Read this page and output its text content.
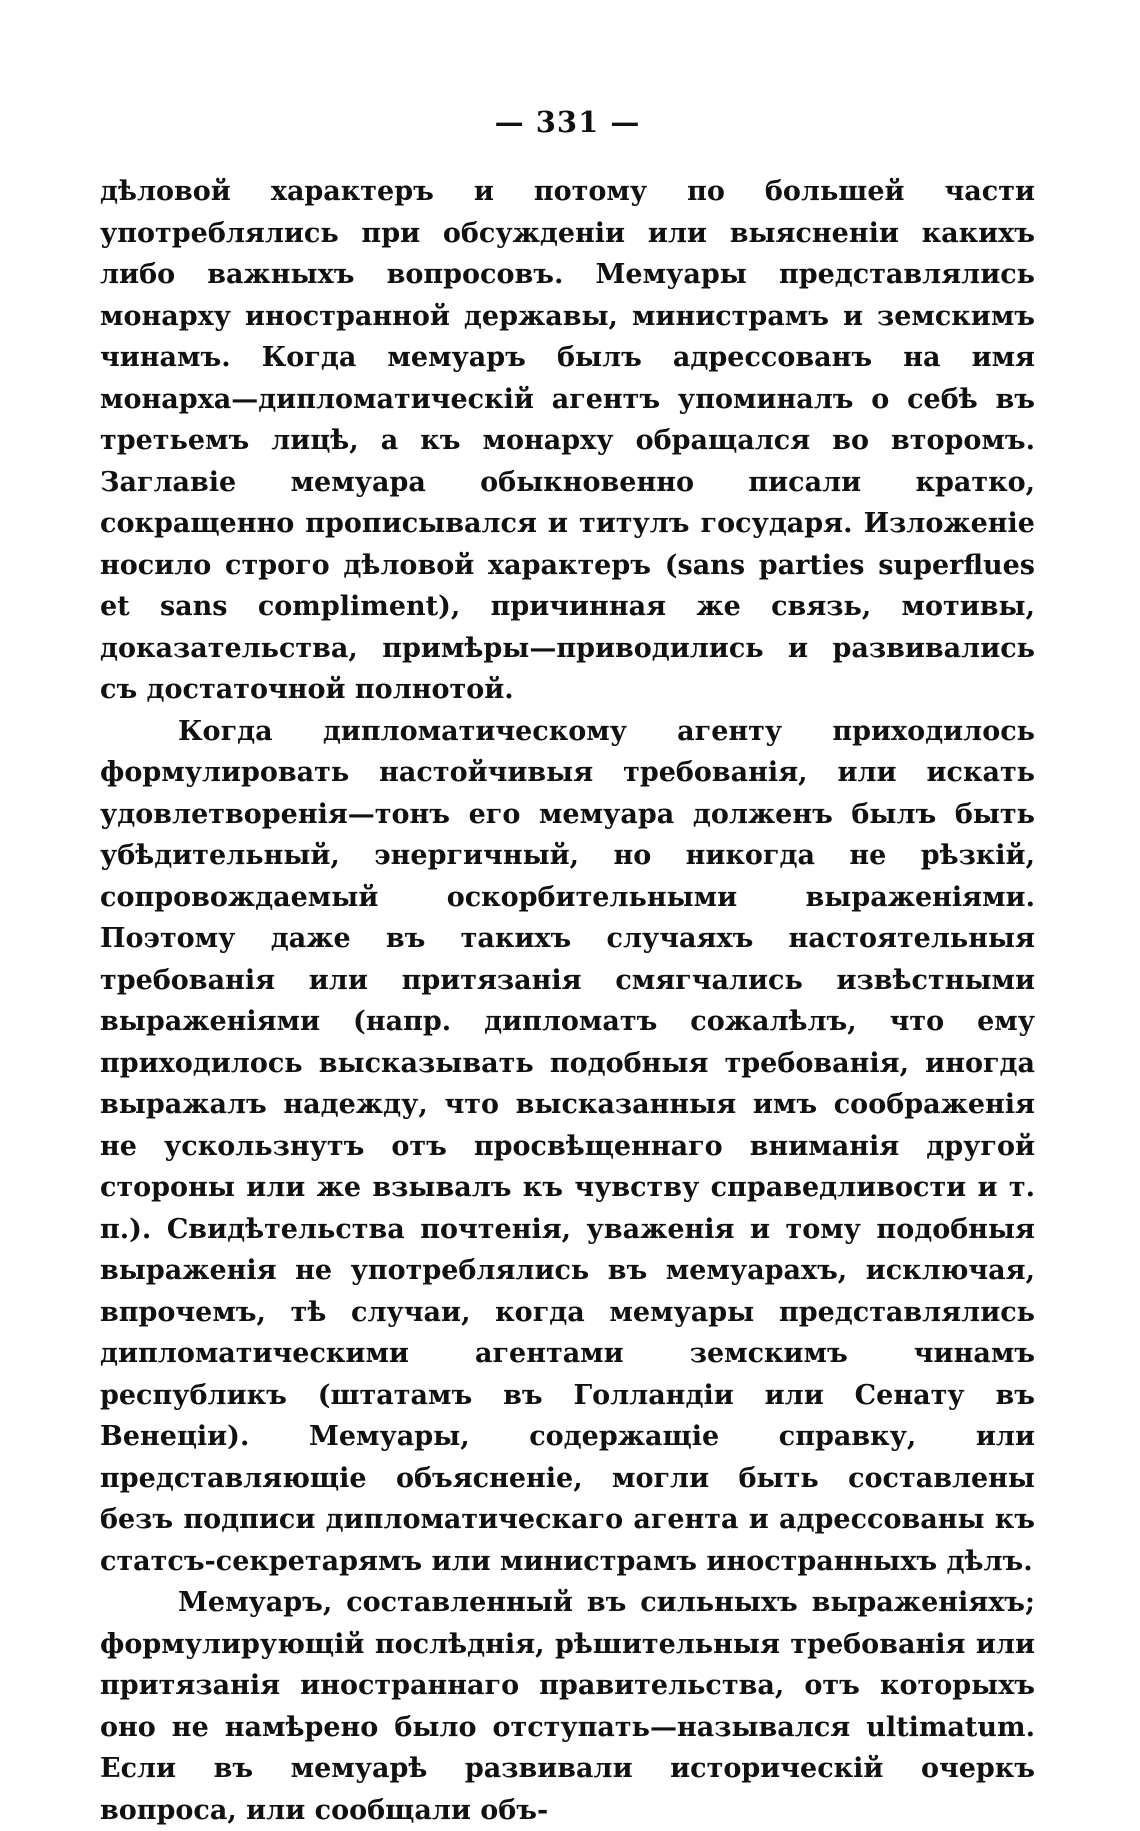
— 331 —

дѣловой характеръ и потому по большей части употреблялись при обсужденіи или выясненіи какихъ либо важныхъ вопросовъ. Мемуары представлялись монарху иностранной державы, министрамъ и земскимъ чинамъ. Когда мемуаръ былъ адрессованъ на имя монарха—дипломатическій агентъ упоминалъ о себѣ въ третьемъ лицѣ, а къ монарху обращался во второмъ. Заглавіе мемуара обыкновенно писали кратко, сокращенно прописывался и титулъ государя. Изложеніе носило строго дѣловой характеръ (sans parties superflues et sans compliment), причинная же связь, мотивы, доказательства, примѣры—приводились и развивались съ достаточной полнотой.

Когда дипломатическому агенту приходилось формулировать настойчивыя требованія, или искать удовлетворенія—тонъ его мемуара долженъ былъ быть убѣдительный, энергичный, но никогда не рѣзкій, сопровождаемый оскорбительными выраженіями. Поэтому даже въ такихъ случаяхъ настоятельныя требованія или притязанія смягчались извѣстными выраженіями (напр. дипломатъ сожалѣлъ, что ему приходилось высказывать подобныя требованія, иногда выражалъ надежду, что высказанныя имъ соображенія не ускользнутъ отъ просвѣщеннаго вниманія другой стороны или же взывалъ къ чувству справедливости и т. п.). Свидѣтельства почтенія, уваженія и тому подобныя выраженія не употреблялись въ мемуарахъ, исключая, впрочемъ, тѣ случаи, когда мемуары представлялись дипломатическими агентами земскимъ чинамъ республикъ (штатамъ въ Голландіи или Сенату въ Венеціи). Мемуары, содержащіе справку, или представляющіе объясненіе, могли быть составлены безъ подписи дипломатическаго агента и адрессованы къ статсъ-секретарямъ или министрамъ иностранныхъ дѣлъ.

Мемуаръ, составленный въ сильныхъ выраженіяхъ; формулирующій послѣднія, рѣшительныя требованія или притязанія иностраннаго правительства, отъ которыхъ оно не намѣрено было отступать—назывался ultimatum. Если въ мемуарѣ развивали историческій очеркъ вопроса, или сообщали объ-
